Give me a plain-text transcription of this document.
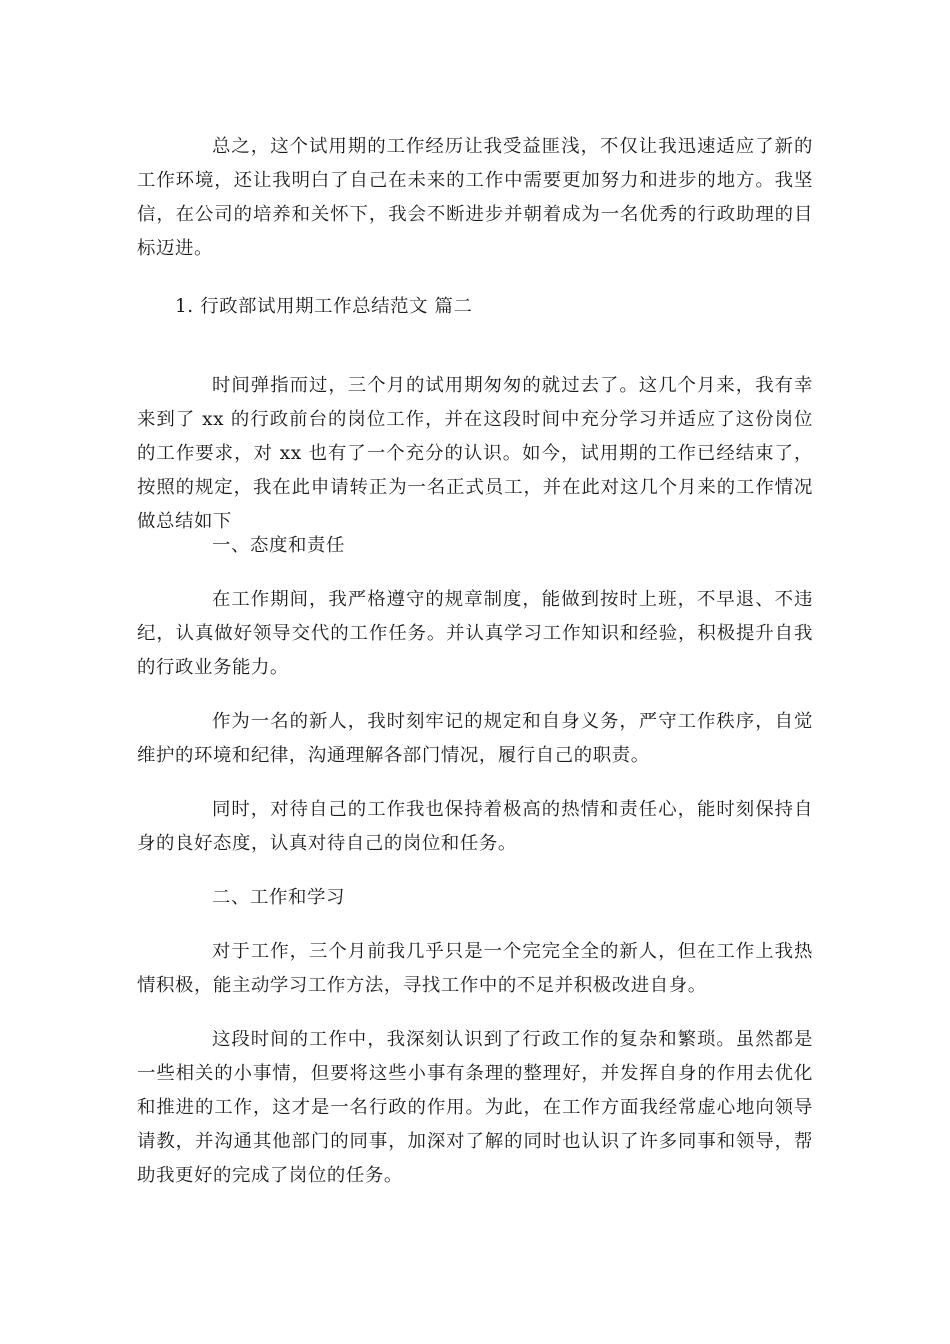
总之，这个试用期的工作经历让我受益匪浅，不仅让我迅速适应了新的工作环境，还让我明白了自己在未来的工作中需要更加努力和进步的地方。我坚信，在公司的培养和关怀下，我会不断进步并朝着成为一名优秀的行政助理的目标迈进。

1. 行政部试用期工作总结范文 篇二

时间弹指而过，三个月的试用期匆匆的就过去了。这几个月来，我有幸来到了 xx 的行政前台的岗位工作，并在这段时间中充分学习并适应了这份岗位的工作要求，对 xx 也有了一个充分的认识。如今，试用期的工作已经结束了，按照的规定，我在此申请转正为一名正式员工，并在此对这几个月来的工作情况做总结如下

一、态度和责任

在工作期间，我严格遵守的规章制度，能做到按时上班，不早退、不违纪，认真做好领导交代的工作任务。并认真学习工作知识和经验，积极提升自我的行政业务能力。

作为一名的新人，我时刻牢记的规定和自身义务，严守工作秩序，自觉维护的环境和纪律，沟通理解各部门情况，履行自己的职责。

同时，对待自己的工作我也保持着极高的热情和责任心，能时刻保持自身的良好态度，认真对待自己的岗位和任务。

二、工作和学习

对于工作，三个月前我几乎只是一个完完全全的新人，但在工作上我热情积极，能主动学习工作方法，寻找工作中的不足并积极改进自身。

这段时间的工作中，我深刻认识到了行政工作的复杂和繁琐。虽然都是一些相关的小事情，但要将这些小事有条理的整理好，并发挥自身的作用去优化和推进的工作，这才是一名行政的作用。为此，在工作方面我经常虚心地向领导请教，并沟通其他部门的同事，加深对了解的同时也认识了许多同事和领导，帮助我更好的完成了岗位的任务。
